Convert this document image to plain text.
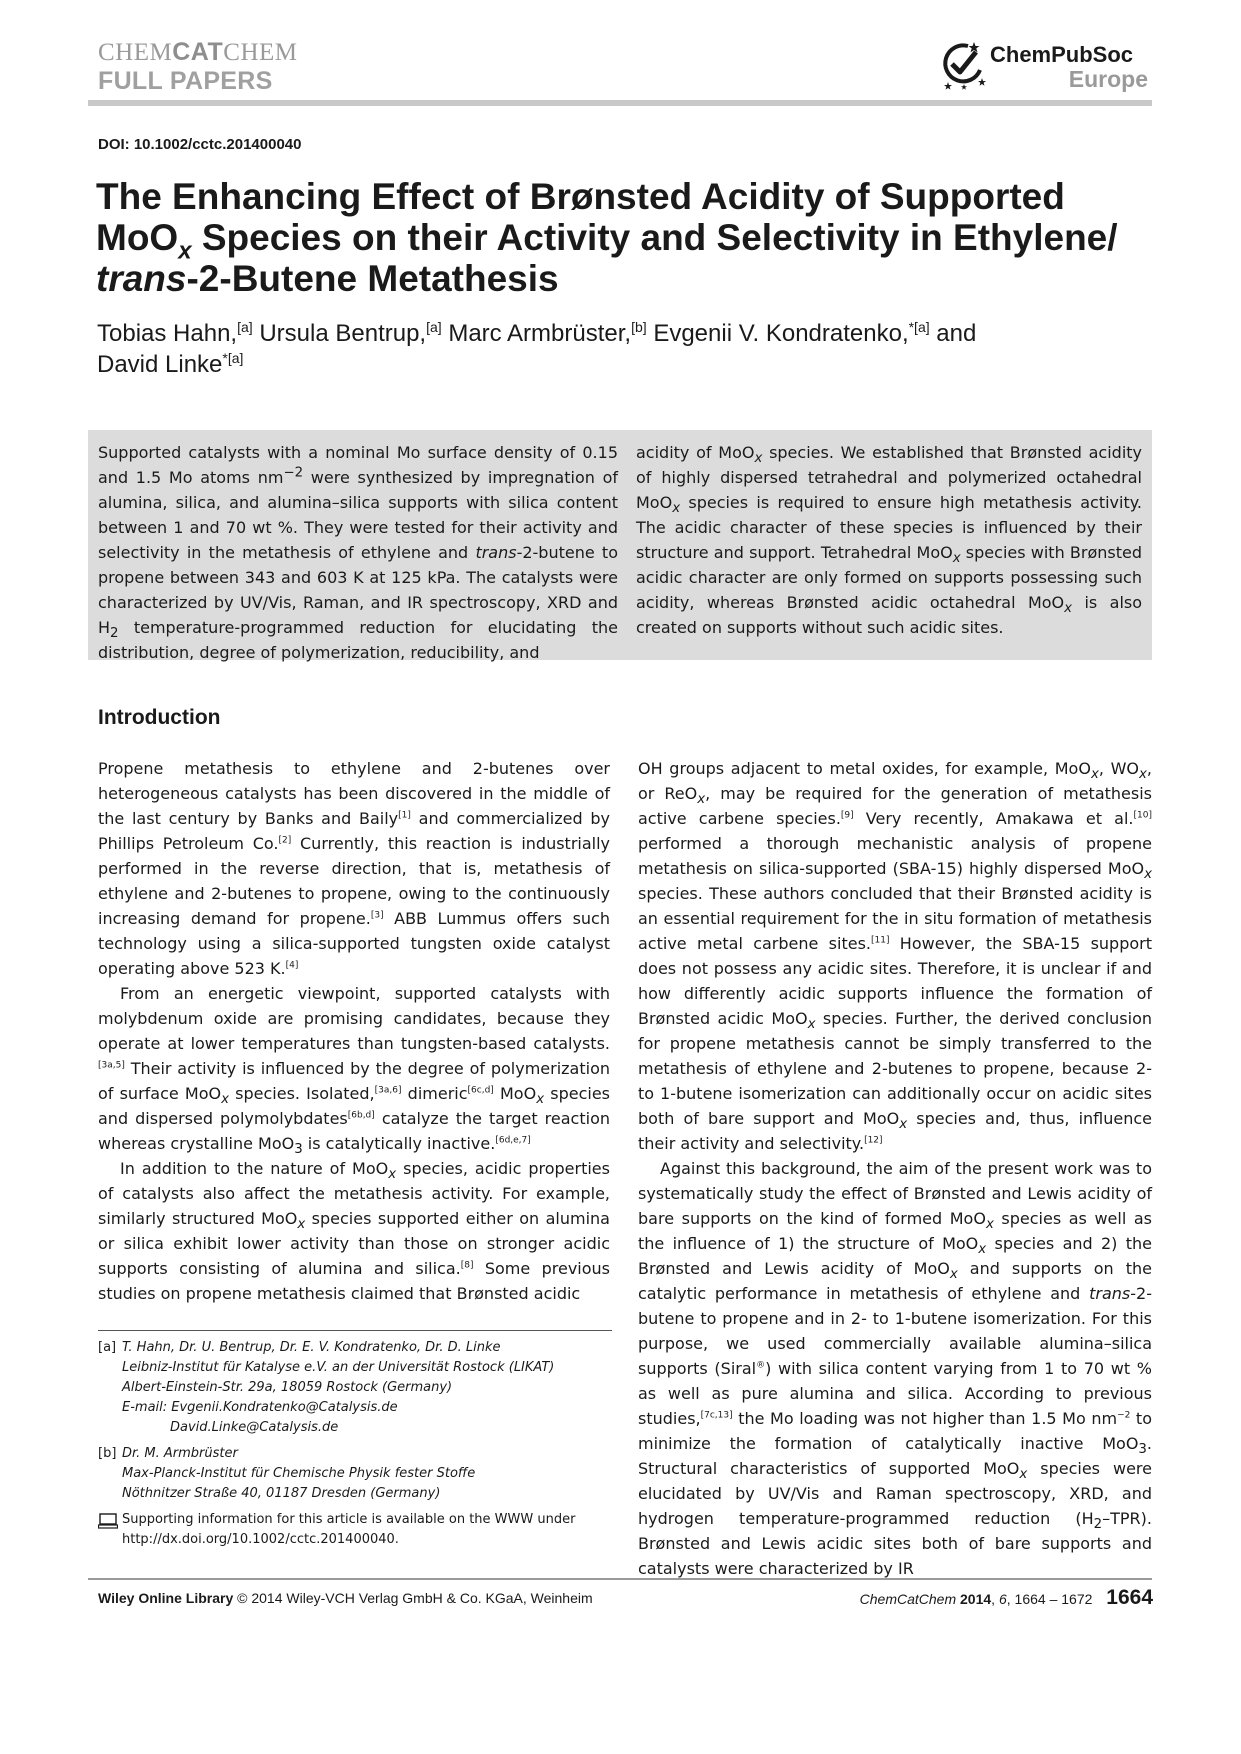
CHEMCATCHEM
FULL PAPERS
ChemPubSoc
Europe
DOI: 10.1002/cctc.201400040
The Enhancing Effect of Brønsted Acidity of Supported
MoO$_x$ Species on their Activity and Selectivity in Ethylene/
trans-2-Butene Metathesis
Tobias Hahn,[a] Ursula Bentrup,[a] Marc Armbrüster,[b] Evgenii V. Kondratenko,$^{*[a]}$ and
David Linke$^{*[a]}$
Supported catalysts with a nominal Mo surface density of 0.15 and 1.5 Mo atoms $nm^{-2}$ were synthesized by impregnation of alumina, silica, and alumina–silica supports with silica content between 1 and 70 wt %. They were tested for their activity and selectivity in the metathesis of ethylene and trans-2-butene to propene between 343 and 603 K at 125 kPa. The catalysts were characterized by UV/Vis, Raman, and IR spectroscopy, XRD and $H_2$ temperature-programmed reduction for elucidating the distribution, degree of polymerization, reducibility, and
acidity of MoO$_x$ species. We established that Brønsted acidity of highly dispersed tetrahedral and polymerized octahedral MoO$_x$ species is required to ensure high metathesis activity. The acidic character of these species is influenced by their structure and support. Tetrahedral MoO$_x$ species with Brønsted acidic character are only formed on supports possessing such acidity, whereas Brønsted acidic octahedral MoO$_x$ is also created on supports without such acidic sites.
Introduction

Propene metathesis to ethylene and 2-butenes over heterogeneous catalysts has been discovered in the middle of the last century by Banks and Baily[1] and commercialized by Phillips Petroleum Co.[2] Currently, this reaction is industrially performed in the reverse direction, that is, metathesis of ethylene and 2-butenes to propene, owing to the continuously increasing demand for propene.[3] ABB Lummus offers such technology using a silica-supported tungsten oxide catalyst operating above 523 K.[4]

From an energetic viewpoint, supported catalysts with molybdenum oxide are promising candidates, because they operate at lower temperatures than tungsten-based catalysts.[3a,5] Their activity is influenced by the degree of polymerization of surface MoO$_x$ species. Isolated,[3a,6] dimeric[6c,d] MoO$_x$ species and dispersed polymolybdates[6b,d] catalyze the target reaction whereas crystalline MoO$_3$ is catalytically inactive.[6d,e,7]

In addition to the nature of MoO$_x$ species, acidic properties of catalysts also affect the metathesis activity. For example, similarly structured MoO$_x$ species supported either on alumina or silica exhibit lower activity than those on stronger acidic supports consisting of alumina and silica.[8] Some previous studies on propene metathesis claimed that Brønsted acidic

OH groups adjacent to metal oxides, for example, MoO$_x$, $WO_x$, or ReO$_x$, may be required for the generation of metathesis active carbene species.[9] Very recently, Amakawa et al.[10] performed a thorough mechanistic analysis of propene metathesis on silica-supported (SBA-15) highly dispersed MoO$_x$ species. These authors concluded that their Brønsted acidity is an essential requirement for the in situ formation of metathesis active metal carbene sites.[11] However, the SBA-15 support does not possess any acidic sites. Therefore, it is unclear if and how differently acidic supports influence the formation of Brønsted acidic MoO$_x$ species. Further, the derived conclusion for propene metathesis cannot be simply transferred to the metathesis of ethylene and 2-butenes to propene, because 2- to 1-butene isomerization can additionally occur on acidic sites both of bare support and MoO$_x$ species and, thus, influence their activity and selectivity.[12]

Against this background, the aim of the present work was to systematically study the effect of Brønsted and Lewis acidity of bare supports on the kind of formed MoO$_x$ species as well as the influence of 1) the structure of MoO$_x$ species and 2) the Brønsted and Lewis acidity of MoO$_x$ and supports on the catalytic performance in metathesis of ethylene and trans-2-butene to propene and in 2- to 1-butene isomerization. For this purpose, we used commercially available alumina–silica supports (Siral®) with silica content varying from 1 to 70 wt % as well as pure alumina and silica. According to previous studies,[7c,13] the Mo loading was not higher than 1.5 Mo $nm^{-2}$ to minimize the formation of catalytically inactive MoO$_3$. Structural characteristics of supported MoO$_x$ species were elucidated by UV/Vis and Raman spectroscopy, XRD, and hydrogen temperature-programmed reduction $(H_2-TPR)$. Brønsted and Lewis acidic sites both of bare supports and catalysts were characterized by IR

[a] T. Hahn, Dr. U. Bentrup, Dr. E. V. Kondratenko, Dr. D. Linke
Leibniz-Institut für Katalyse e.V. an der Universität Rostock (LIKAT)
Albert-Einstein-Str. 29a, 18059 Rostock (Germany)
E-mail: Evgenii.Kondratenko@Catalysis.de
David.Linke@Catalysis.de
[b] Dr. M. Armbrüster
Max-Planck-Institut für Chemische Physik fester Stoffe
Nöthnitzer Straße 40, 01187 Dresden (Germany)
Supporting information for this article is available on the WWW under
http://dx.doi.org/10.1002/cctc.201400040.
Wiley Online Library © 2014 Wiley-VCH Verlag GmbH & Co. KGaA, Weinheim	ChemCatChem 2014, 6, 1664 – 1672 1664
